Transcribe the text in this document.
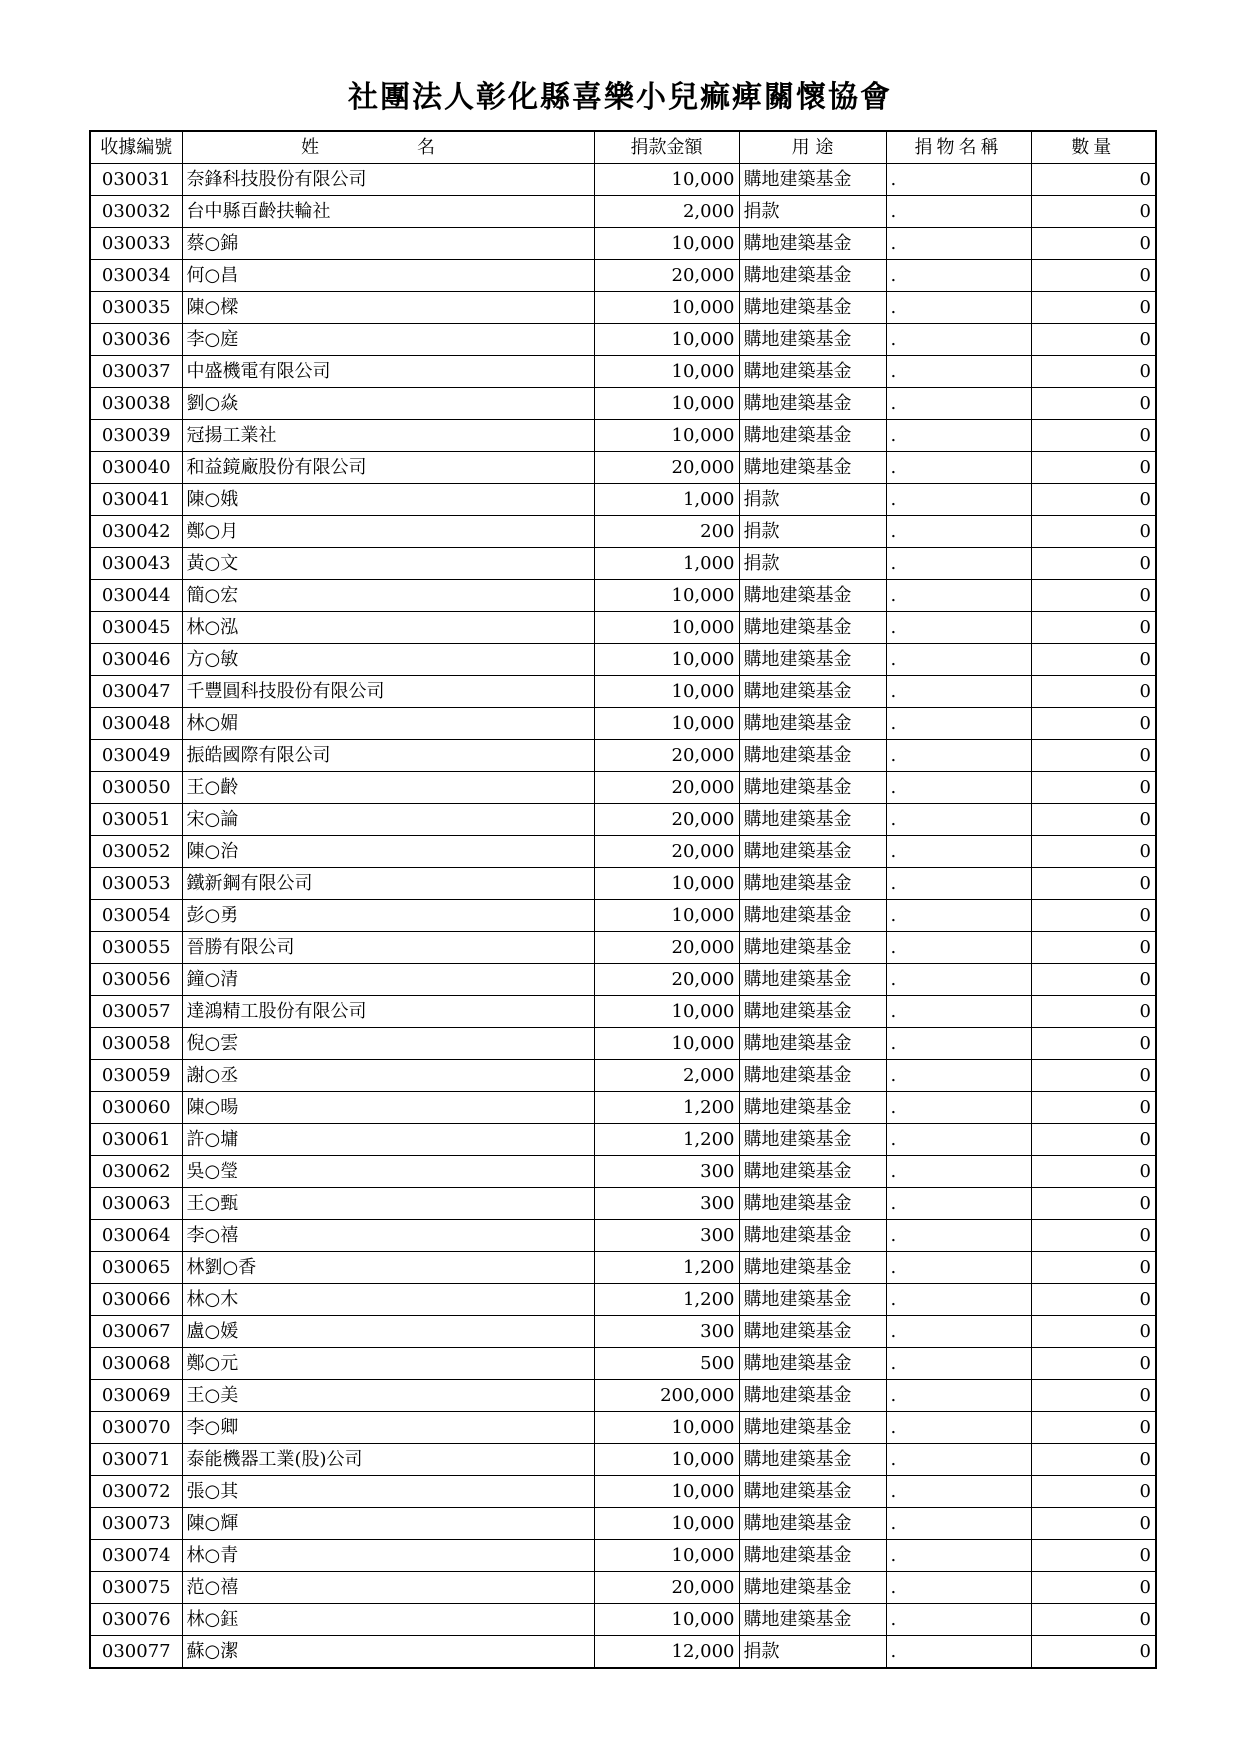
社團法人彰化縣喜樂小兒痲痺關懷協會
收據編號	姓　名	捐款金額	用 途	捐物名稱	數量
030031	奈鋒科技股份有限公司	10,000	購地建築基金	.	0
030032	台中縣百齡扶輪社	2,000	捐款	.	0
030033	蔡○錦	10,000	購地建築基金	.	0
030034	何○昌	20,000	購地建築基金	.	0
030035	陳○樑	10,000	購地建築基金	.	0
030036	李○庭	10,000	購地建築基金	.	0
030037	中盛機電有限公司	10,000	購地建築基金	.	0
030038	劉○焱	10,000	購地建築基金	.	0
030039	冠揚工業社	10,000	購地建築基金	.	0
030040	和益鏡廠股份有限公司	20,000	購地建築基金	.	0
030041	陳○娥	1,000	捐款	.	0
030042	鄭○月	200	捐款	.	0
030043	黃○文	1,000	捐款	.	0
030044	簡○宏	10,000	購地建築基金	.	0
030045	林○泓	10,000	購地建築基金	.	0
030046	方○敏	10,000	購地建築基金	.	0
030047	千豐圓科技股份有限公司	10,000	購地建築基金	.	0
030048	林○媚	10,000	購地建築基金	.	0
030049	振皓國際有限公司	20,000	購地建築基金	.	0
030050	王○齡	20,000	購地建築基金	.	0
030051	宋○論	20,000	購地建築基金	.	0
030052	陳○治	20,000	購地建築基金	.	0
030053	鐵新鋼有限公司	10,000	購地建築基金	.	0
030054	彭○勇	10,000	購地建築基金	.	0
030055	晉勝有限公司	20,000	購地建築基金	.	0
030056	鐘○清	20,000	購地建築基金	.	0
030057	達鴻精工股份有限公司	10,000	購地建築基金	.	0
030058	倪○雲	10,000	購地建築基金	.	0
030059	謝○丞	2,000	購地建築基金	.	0
030060	陳○暘	1,200	購地建築基金	.	0
030061	許○墉	1,200	購地建築基金	.	0
030062	吳○瑩	300	購地建築基金	.	0
030063	王○甄	300	購地建築基金	.	0
030064	李○禧	300	購地建築基金	.	0
030065	林劉○香	1,200	購地建築基金	.	0
030066	林○木	1,200	購地建築基金	.	0
030067	盧○媛	300	購地建築基金	.	0
030068	鄭○元	500	購地建築基金	.	0
030069	王○美	200,000	購地建築基金	.	0
030070	李○卿	10,000	購地建築基金	.	0
030071	泰能機器工業(股)公司	10,000	購地建築基金	.	0
030072	張○其	10,000	購地建築基金	.	0
030073	陳○輝	10,000	購地建築基金	.	0
030074	林○青	10,000	購地建築基金	.	0
030075	范○禧	20,000	購地建築基金	.	0
030076	林○鈺	10,000	購地建築基金	.	0
030077	蘇○潔	12,000	捐款	.	0
